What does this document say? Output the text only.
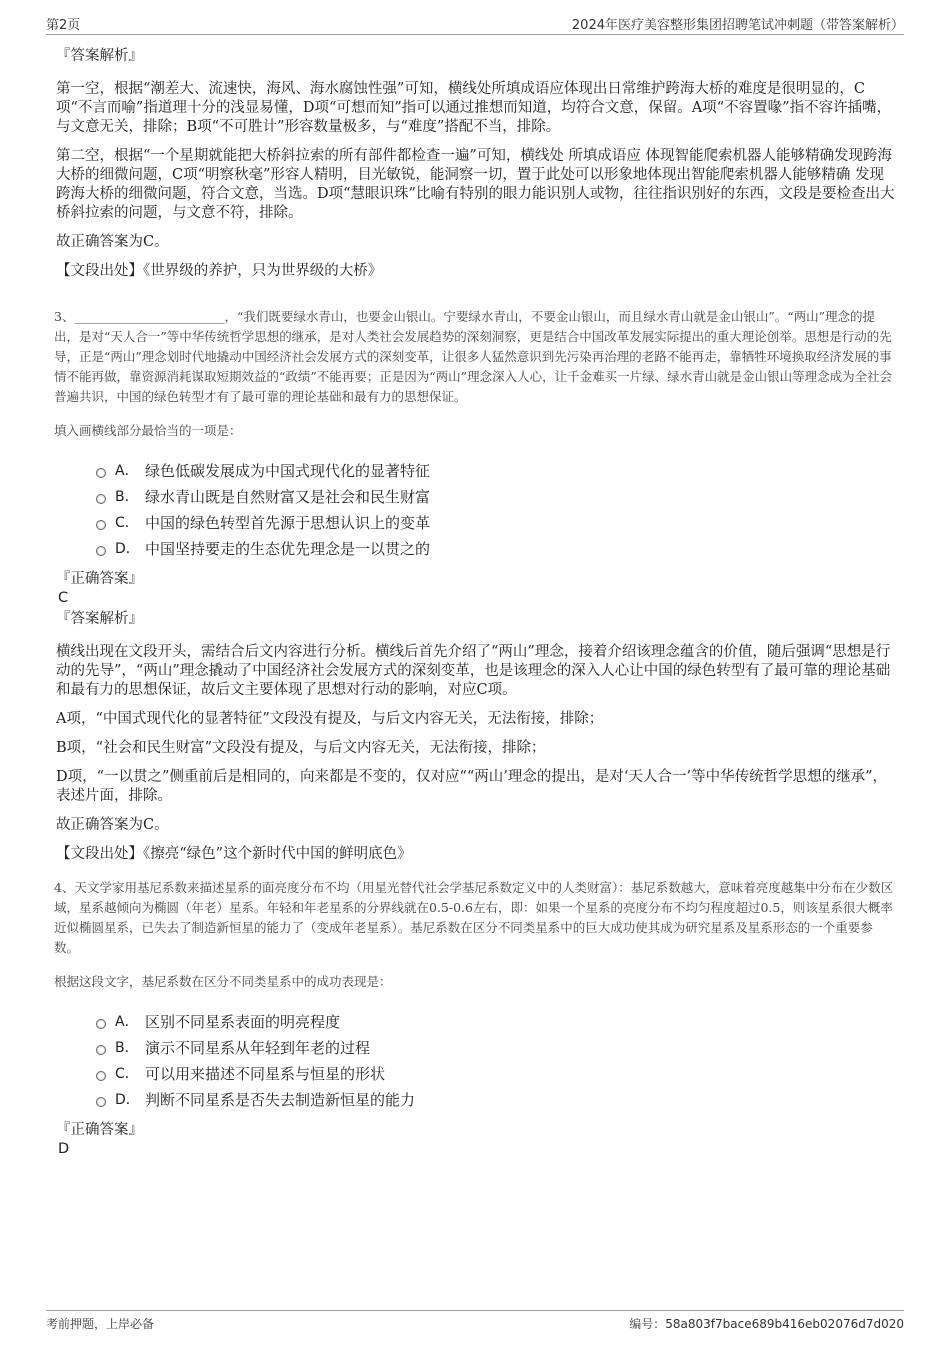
第2页	2024年医疗美容整形集团招聘笔试冲刺题（带答案解析）

『答案解析』

第一空，根据“潮差大、流速快，海风、海水腐蚀性强”可知，横线处所填成语应体现出日常维护跨海大桥的难度是很明显的，C项“不言而喻”指道理十分的浅显易懂，D项“可想而知”指可以通过推想而知道，均符合文意，保留。A项“不容置喙”指不容许插嘴，与文意无关，排除；B项“不可胜计”形容数量极多，与“难度”搭配不当，排除。

第二空，根据“一个星期就能把大桥斜拉索的所有部件都检查一遍”可知，横线处 所填成语应 体现智能爬索机器人能够精确发现跨海大桥的细微问题，C项“明察秋毫”形容人精明，目光敏锐，能洞察一切，置于此处可以形象地体现出智能爬索机器人能够精确 发现跨海大桥的细微问题，符合文意，当选。D项“慧眼识珠”比喻有特别的眼力能识别人或物，往往指识别好的东西，文段是要检查出大桥斜拉索的问题，与文意不符，排除。

故正确答案为C。

【文段出处】《世界级的养护，只为世界级的大桥》

3、________________________，“我们既要绿水青山，也要金山银山。宁要绿水青山，不要金山银山，而且绿水青山就是金山银山”。“两山”理念的提出，是对“天人合一”等中华传统哲学思想的继承，是对人类社会发展趋势的深刻洞察，更是结合中国改革发展实际提出的重大理论创举。思想是行动的先导，正是“两山”理念划时代地撬动中国经济社会发展方式的深刻变革，让很多人猛然意识到先污染再治理的老路不能再走，靠牺牲环境换取经济发展的事情不能再做，靠资源消耗谋取短期效益的“政绩”不能再要；正是因为“两山”理念深入人心，让千金难买一片绿、绿水青山就是金山银山等理念成为全社会普遍共识，中国的绿色转型才有了最可靠的理论基础和最有力的思想保证。

填入画横线部分最恰当的一项是：

A． 绿色低碳发展成为中国式现代化的显著特征
B． 绿水青山既是自然财富又是社会和民生财富
C． 中国的绿色转型首先源于思想认识上的变革
D． 中国坚持要走的生态优先理念是一以贯之的

『正确答案』

C

『答案解析』

横线出现在文段开头，需结合后文内容进行分析。横线后首先介绍了“两山”理念，接着介绍该理念蕴含的价值，随后强调“思想是行动的先导”，“两山”理念撬动了中国经济社会发展方式的深刻变革，也是该理念的深入人心让中国的绿色转型有了最可靠的理论基础和最有力的思想保证，故后文主要体现了思想对行动的影响，对应C项。

A项，“中国式现代化的显著特征”文段没有提及，与后文内容无关，无法衔接，排除；

B项，“社会和民生财富”文段没有提及，与后文内容无关，无法衔接，排除；

D项，“一以贯之”侧重前后是相同的，向来都是不变的，仅对应““两山’理念的提出，是对‘天人合一’等中华传统哲学思想的继承”，表述片面，排除。

故正确答案为C。

【文段出处】《擦亮“绿色”这个新时代中国的鲜明底色》

4、天文学家用基尼系数来描述星系的面亮度分布不均（用星光替代社会学基尼系数定义中的人类财富）：基尼系数越大，意味着亮度越集中分布在少数区域，星系越倾向为椭圆（年老）星系。年轻和年老星系的分界线就在0.5-0.6左右，即：如果一个星系的亮度分布不均匀程度超过0.5，则该星系很大概率近似椭圆星系，已失去了制造新恒星的能力了（变成年老星系）。基尼系数在区分不同类星系中的巨大成功使其成为研究星系及星系形态的一个重要参数。

根据这段文字，基尼系数在区分不同类星系中的成功表现是：

A． 区别不同星系表面的明亮程度
B． 演示不同星系从年轻到年老的过程
C． 可以用来描述不同星系与恒星的形状
D． 判断不同星系是否失去制造新恒星的能力

『正确答案』

D

考前押题，上岸必备	编号：58a803f7bace689b416eb02076d7d020
